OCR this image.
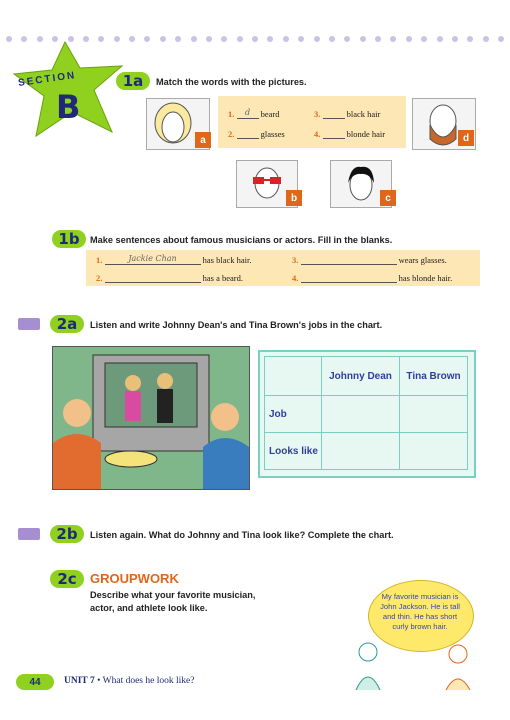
SECTION
B
1a	Match the words with the pictures.
a
1. d beard	3.	black hair
2.	glasses	4.	blonde hair	d
b	c
1b	Make sentences about famous musicians or actors. Fill in the blanks.
1.	Jackie Chan	has black hair.	3.	wears glasses.
2.	has a beard.	4.	has blonde hair.
2a	Listen and write Johnny Dean's and Tina Brown's jobs in the chart.
	Johnny Dean	Tina Brown
Job		
Looks like		
2b	Listen again. What do Johnny and Tina look like? Complete the chart.
2c	GROUPWORK
Describe what your favorite musician, actor, and athlete look like.
My favorite musician is John Jackson. He is tall and thin. He has short curly brown hair.
44	UNIT 7 • What does he look like?
